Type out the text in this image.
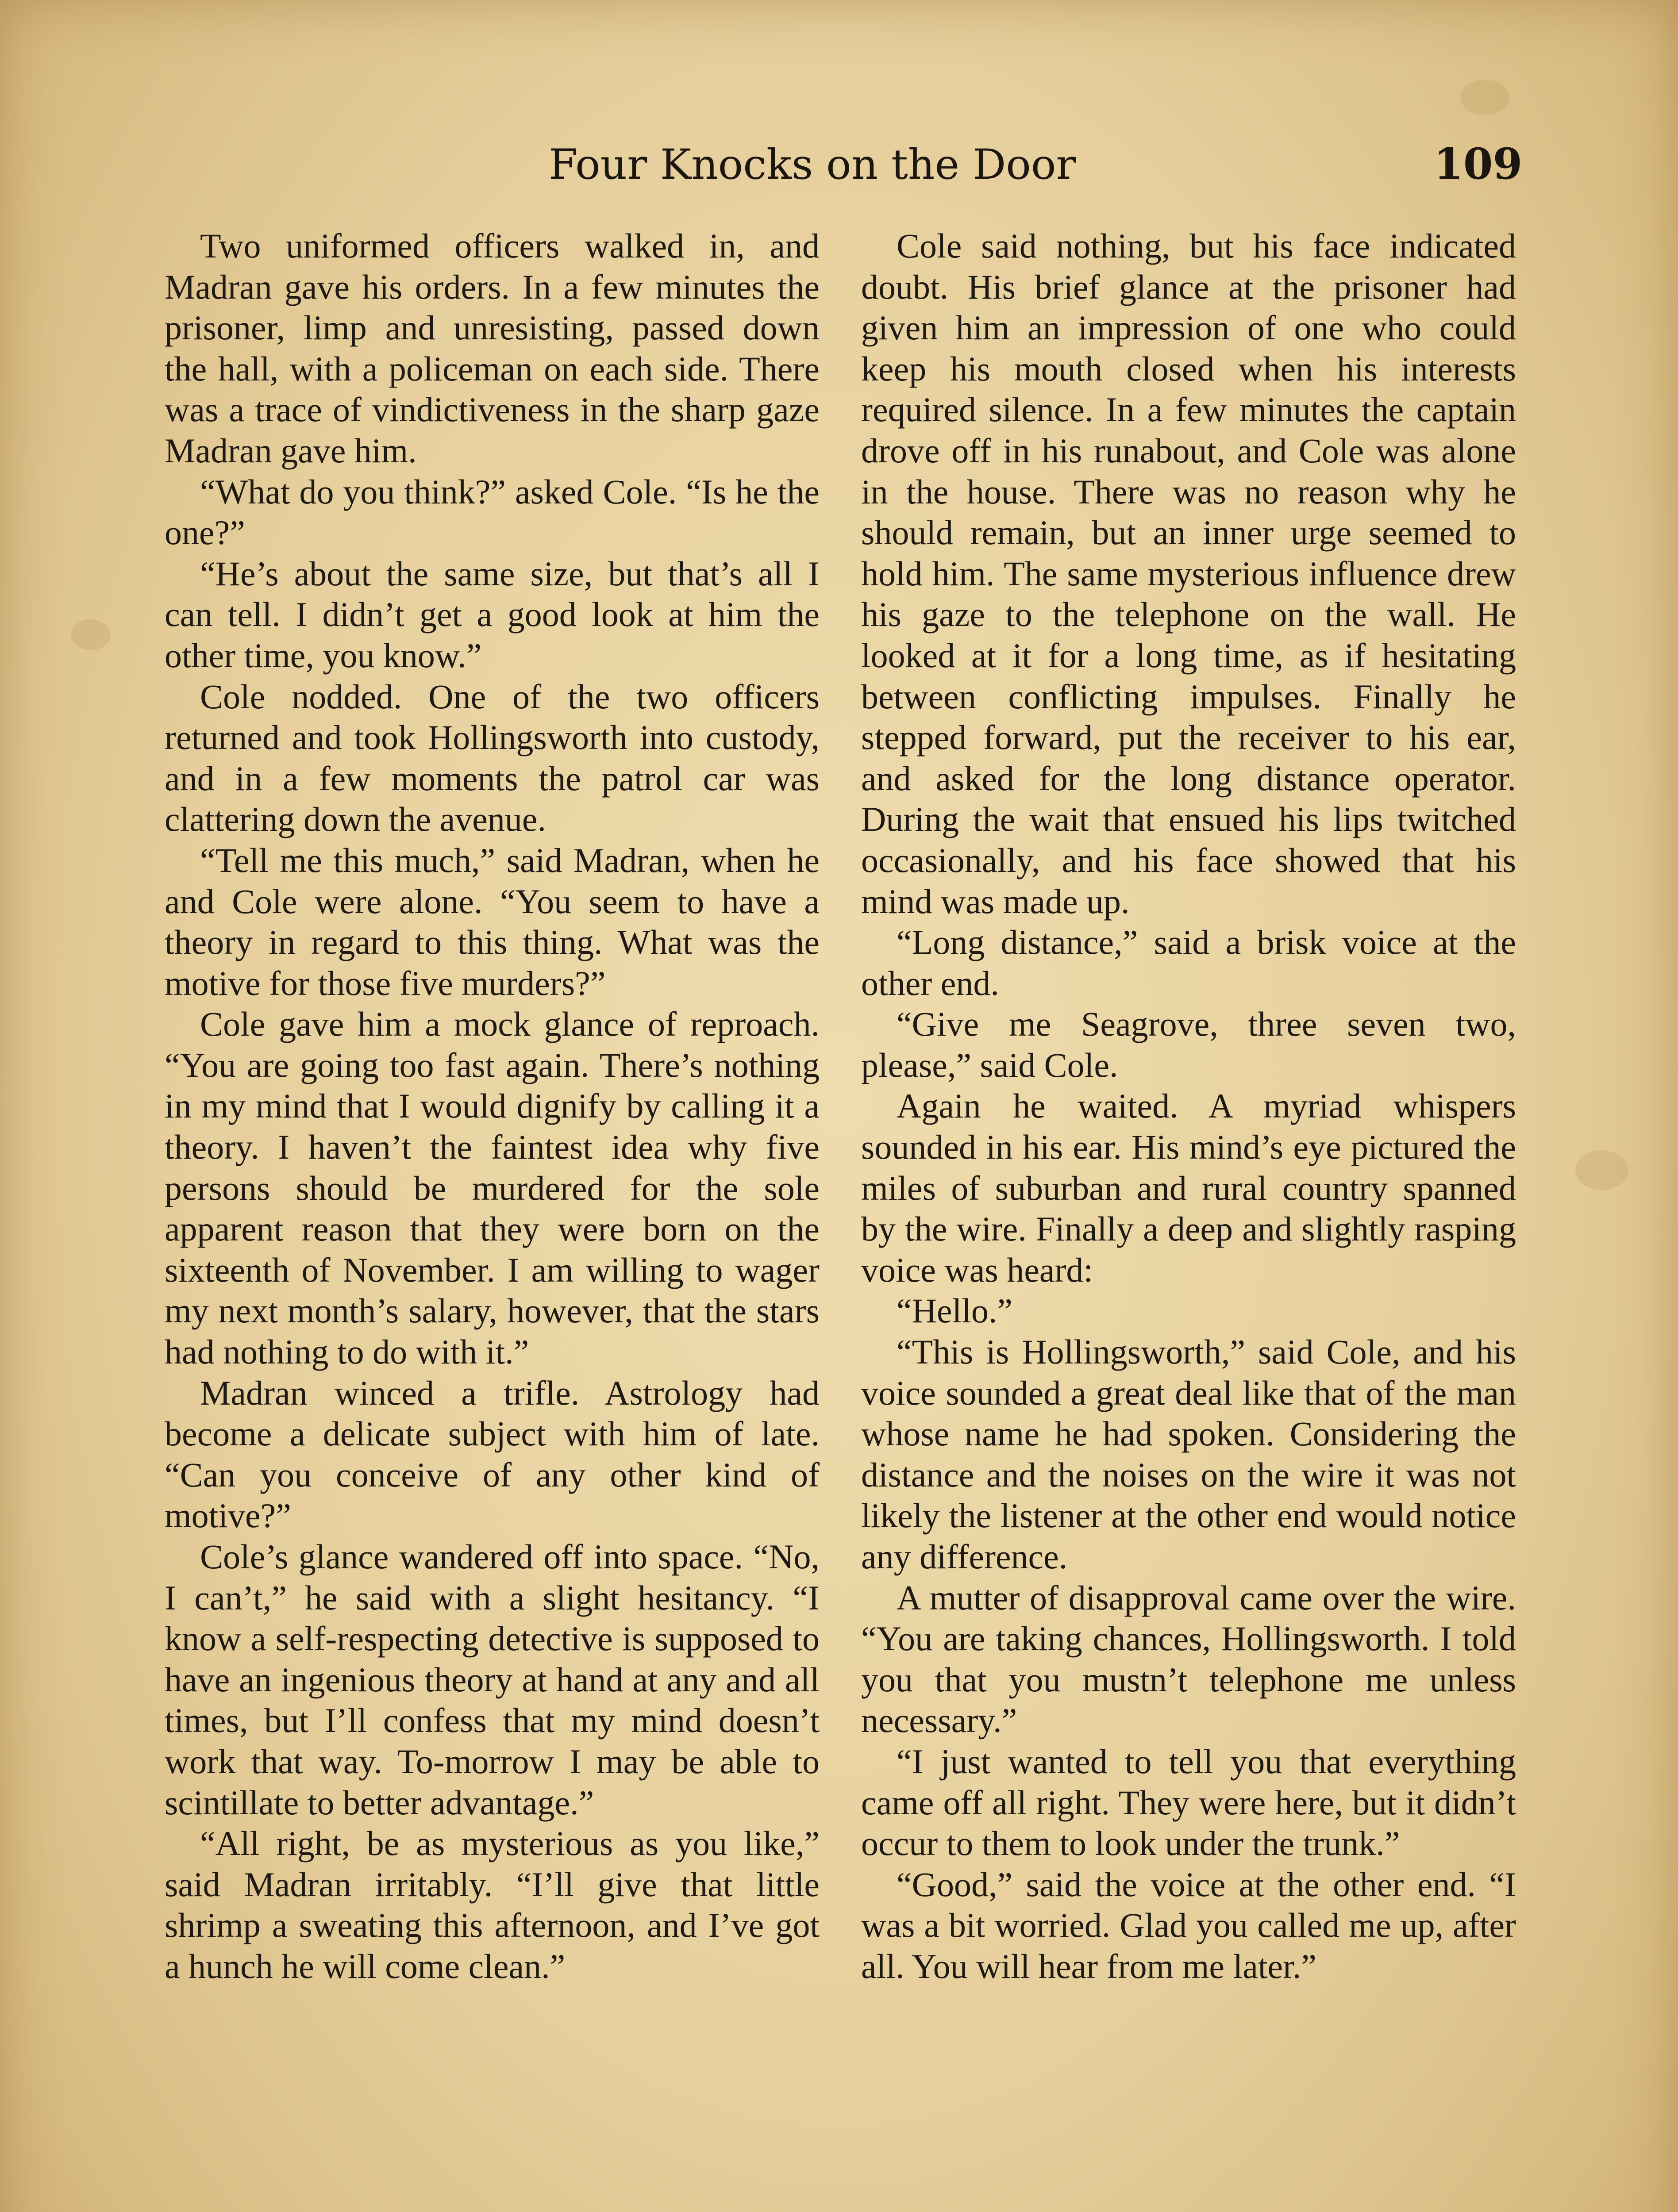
Four Knocks on the Door	109

Two uniformed officers walked in, and Madran gave his orders. In a few minutes the prisoner, limp and unresisting, passed down the hall, with a policeman on each side. There was a trace of vindictiveness in the sharp gaze Madran gave him.

“What do you think?” asked Cole. “Is he the one?”

“He’s about the same size, but that’s all I can tell. I didn’t get a good look at him the other time, you know.”

Cole nodded. One of the two officers returned and took Hollingsworth into custody, and in a few moments the patrol car was clattering down the avenue.

“Tell me this much,” said Madran, when he and Cole were alone. “You seem to have a theory in regard to this thing. What was the motive for those five murders?”

Cole gave him a mock glance of reproach. “You are going too fast again. There’s nothing in my mind that I would dignify by calling it a theory. I haven’t the faintest idea why five persons should be murdered for the sole apparent reason that they were born on the sixteenth of November. I am willing to wager my next month’s salary, however, that the stars had nothing to do with it.”

Madran winced a trifle. Astrology had become a delicate subject with him of late. “Can you conceive of any other kind of motive?”

Cole’s glance wandered off into space. “No, I can’t,” he said with a slight hesitancy. “I know a self-respecting detective is supposed to have an ingenious theory at hand at any and all times, but I’ll confess that my mind doesn’t work that way. To-morrow I may be able to scintillate to better advantage.”

“All right, be as mysterious as you like,” said Madran irritably. “I’ll give that little shrimp a sweating this afternoon, and I’ve got a hunch he will come clean.”

Cole said nothing, but his face indicated doubt. His brief glance at the prisoner had given him an impression of one who could keep his mouth closed when his interests required silence. In a few minutes the captain drove off in his runabout, and Cole was alone in the house. There was no reason why he should remain, but an inner urge seemed to hold him. The same mysterious influence drew his gaze to the telephone on the wall. He looked at it for a long time, as if hesitating between conflicting impulses. Finally he stepped forward, put the receiver to his ear, and asked for the long distance operator. During the wait that ensued his lips twitched occasionally, and his face showed that his mind was made up.

“Long distance,” said a brisk voice at the other end.

“Give me Seagrove, three seven two, please,” said Cole.

Again he waited. A myriad whispers sounded in his ear. His mind’s eye pictured the miles of suburban and rural country spanned by the wire. Finally a deep and slightly rasping voice was heard:

“Hello.”

“This is Hollingsworth,” said Cole, and his voice sounded a great deal like that of the man whose name he had spoken. Considering the distance and the noises on the wire it was not likely the listener at the other end would notice any difference.

A mutter of disapproval came over the wire. “You are taking chances, Hollingsworth. I told you that you mustn’t telephone me unless necessary.”

“I just wanted to tell you that everything came off all right. They were here, but it didn’t occur to them to look under the trunk.”

“Good,” said the voice at the other end. “I was a bit worried. Glad you called me up, after all. You will hear from me later.”
